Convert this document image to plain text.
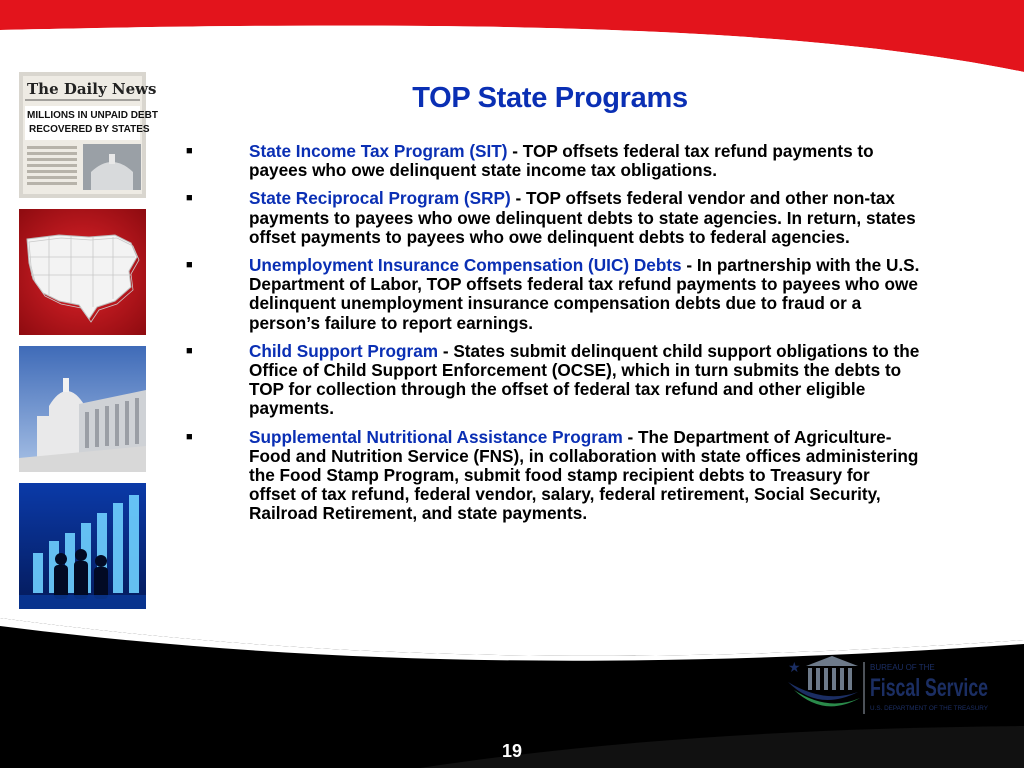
TOP State Programs
The Daily News
MILLIONS IN UNPAID DEBT
RECOVERED BY STATES
■	State Income Tax Program (SIT) - TOP offsets federal tax refund payments to payees who owe delinquent state income tax obligations.
■	State Reciprocal Program (SRP) - TOP offsets federal vendor and other non-tax payments to payees who owe delinquent debts to state agencies. In return, states offset payments to payees who owe delinquent debts to federal agencies.
■	Unemployment Insurance Compensation (UIC) Debts - In partnership with the U.S. Department of Labor, TOP offsets federal tax refund payments to payees who owe delinquent unemployment insurance compensation debts due to fraud or a person’s failure to report earnings.
■	Child Support Program - States submit delinquent child support obligations to the Office of Child Support Enforcement (OCSE), which in turn submits the debts to TOP for collection through the offset of federal tax refund and other eligible payments.
■	Supplemental Nutritional Assistance Program - The Department of Agriculture-Food and Nutrition Service (FNS), in collaboration with state offices administering the Food Stamp Program, submit food stamp recipient debts to Treasury for offset of tax refund, federal vendor, salary, federal retirement, Social Security, Railroad Retirement, and state payments.
★	BUREAU OF THE
Fiscal Service
U.S. DEPARTMENT OF THE TREASURY
19
